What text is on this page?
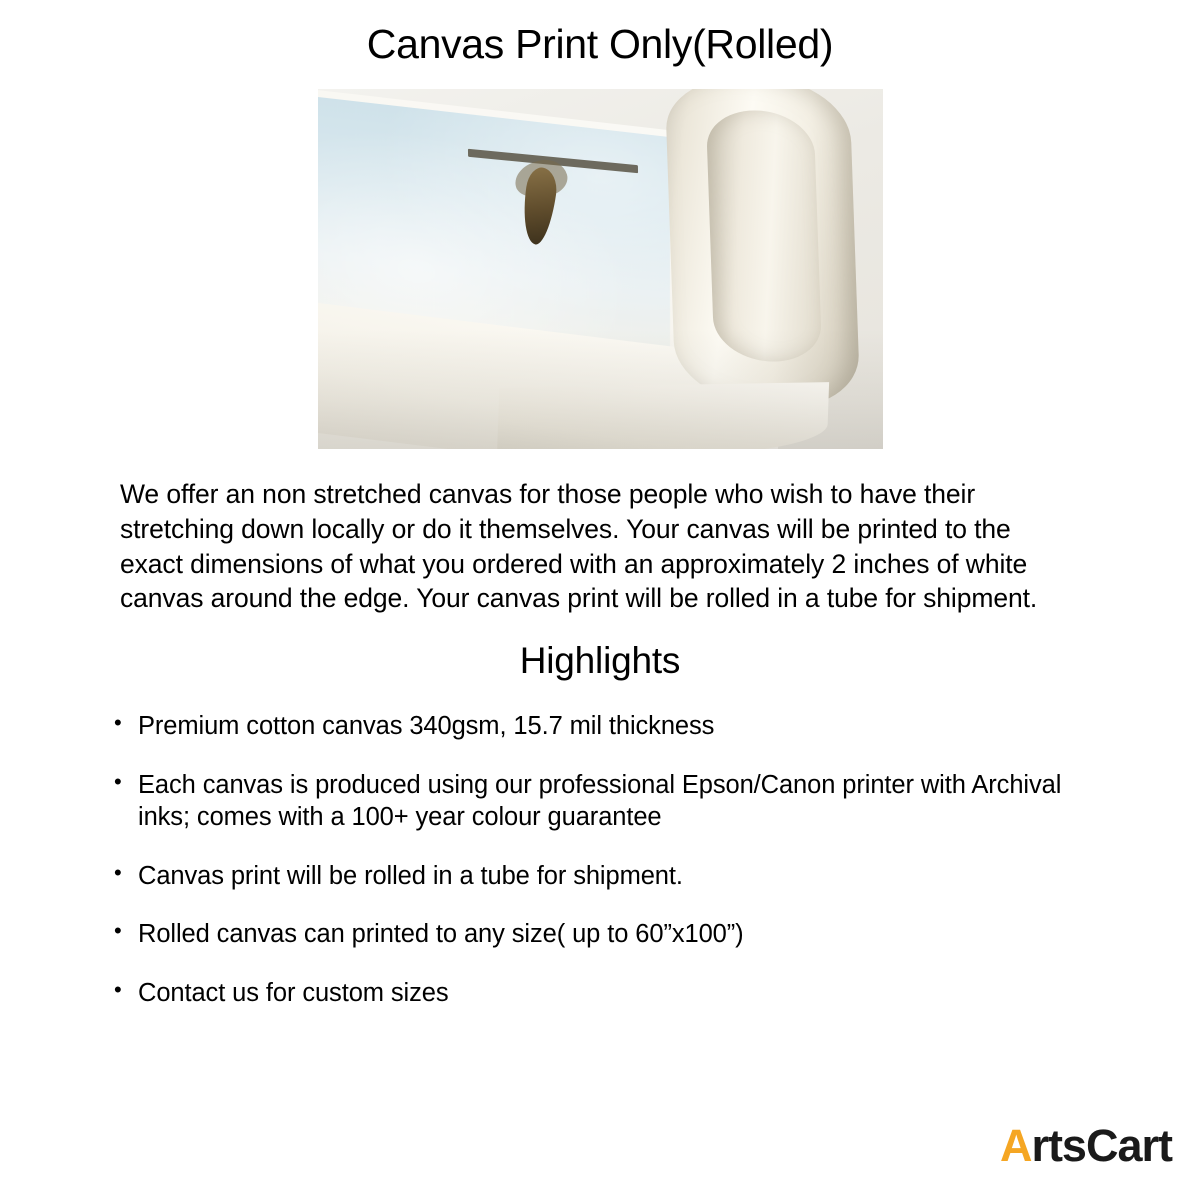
Canvas Print Only(Rolled)

We offer an non stretched canvas for those people who wish to have their stretching down locally or do it themselves. Your canvas will be printed to the exact dimensions of what you ordered with an approximately 2 inches of white canvas around the edge. Your canvas print will be rolled in a tube for shipment.

Highlights
• Premium cotton canvas 340gsm, 15.7 mil thickness
• Each canvas is produced using our professional Epson/Canon printer with Archival inks; comes with a 100+ year colour guarantee
• Canvas print will be rolled in a tube for shipment.
• Rolled canvas can printed to any size( up to 60”x100”)
• Contact us for custom sizes
A rts Cart
